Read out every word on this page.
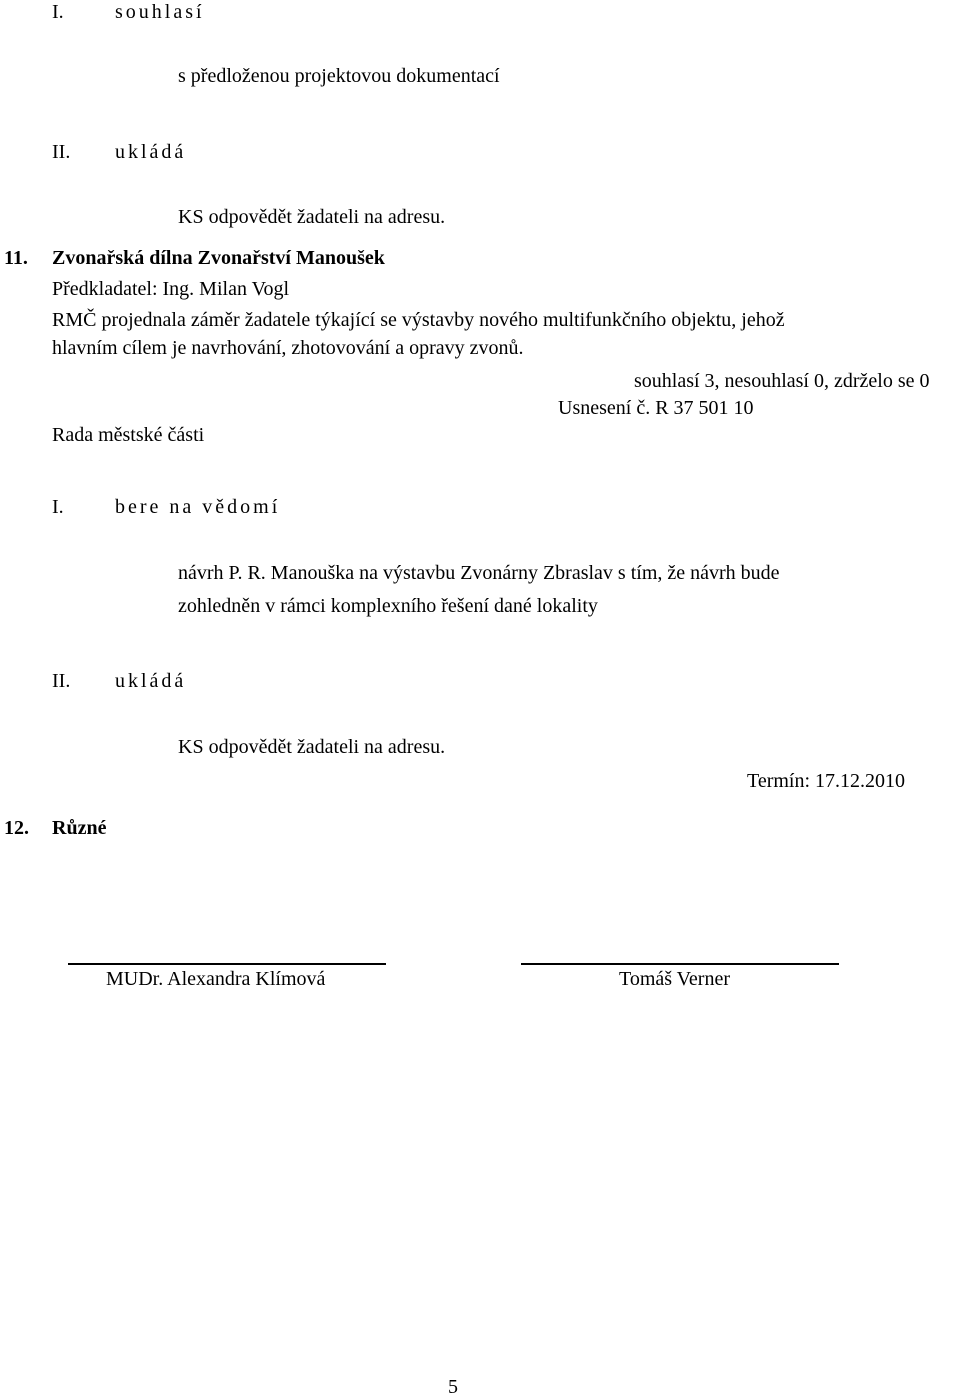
I.	souhlasí
s předloženou projektovou dokumentací
II. ukládá
KS odpovědět žadateli na adresu.
11. Zvonařská dílna Zvonařství Manoušek
Předkladatel: Ing. Milan Vogl
RMČ projednala záměr žadatele týkající se výstavby nového multifunkčního objektu, jehož
hlavním cílem je navrhování, zhotovování a opravy zvonů.
souhlasí 3, nesouhlasí 0, zdrželo se 0
Usnesení č. R 37 501 10
Rada městské části
I.	bere na vědomí
návrh P. R. Manouška na výstavbu Zvonárny Zbraslav s tím, že návrh bude
zohledněn v rámci komplexního řešení dané lokality
II. ukládá
KS odpovědět žadateli na adresu.
Termín: 17.12.2010
12. Různé
MUDr. Alexandra Klímová	Tomáš Verner
5
